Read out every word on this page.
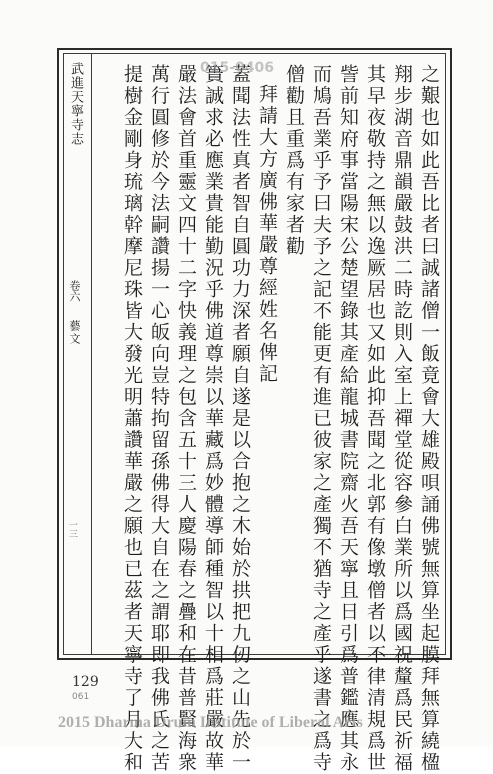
武進天寧寺志
卷六
藝文
一三	之艱也如此吾比者曰誠諸僧一飯竟會大雄殿唄誦佛號無算坐起膜拜無算繞楹
翔步湖音鼎韻嚴鼓洪二時訖則入室上禪堂從容參白業所以爲國祝釐爲民祈福
其早夜敬持之無以逸厥居也又如此抑吾聞之北郭有像墩僧者以不律清規爲世
訾前知府事當陽宋公楚望錄其產給龍城書院齋火吾天寧且日引爲普鑑應其永
而鳩吾業乎予曰夫予之記不能更有進已彼家之產獨不猶寺之產乎遂書之爲寺
僧勸且重爲有家者勸
拜請大方廣佛華嚴尊經姓名俾記
蓋聞法性真者智自圓功力深者願自遂是以合抱之木始於拱把九仞之山先於一
簣誠求必應業貴能勤況乎佛道尊崇以華藏爲妙體導師種智以十相爲莊嚴故華
嚴法會首重靈文四十二字快義理之包含五十三人慶陽春之疊和在昔普賢海衆
萬行圓修於今法嗣讚揚一心皈向豈特拘留孫佛得大自在之謂耶即我佛氏之苦
提樹金剛身琉璃幹摩尼珠皆大發光明蕭讚華嚴之願也已茲者天寧寺了月大和	015-0406
129
061
2015 Dharma Drum Institute of Liberal Arts
